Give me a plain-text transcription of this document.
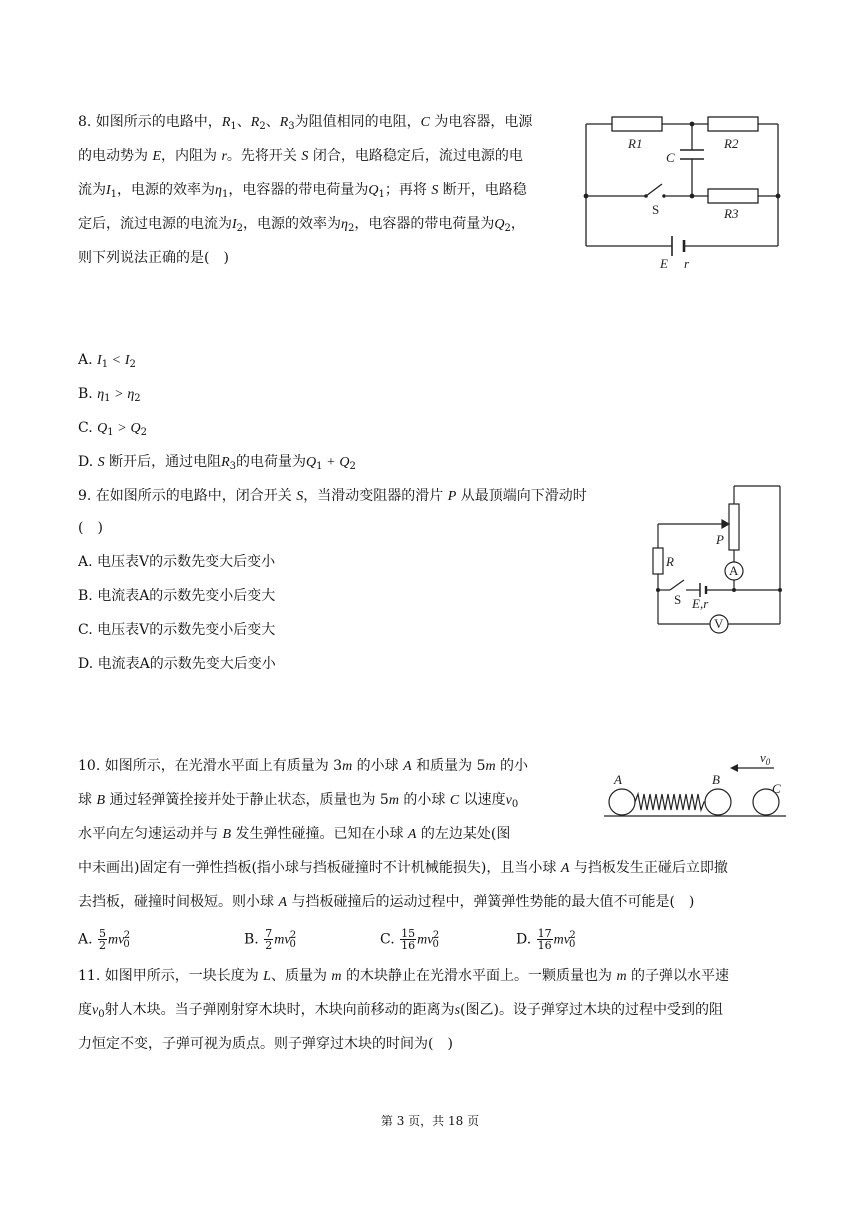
8. 如图所示的电路中，$R_1$、$R_2$、$R_3$为阻值相同的电阻，C 为电容器，电源
的电动势为 E，内阻为 r。先将开关 S 闭合，电路稳定后，流过电源的电
流为$I_1$，电源的效率为$\eta_1$，电容器的带电荷量为$Q_1$；再将 S 断开，电路稳
定后，流过电源的电流为$I_2$，电源的效率为$\eta_2$，电容器的带电荷量为$Q_2$，
则下列说法正确的是(　)
A. $I_1 < I_2$
B. $\eta_1 > \eta_2$
C. $Q_1 > Q_2$
D. S 断开后，通过电阻$R_3$的电荷量为$Q_1 + Q_2$
R1	R2
C
S	R3
E r
9. 在如图所示的电路中，闭合开关 S，当滑动变阻器的滑片 P 从最顶端向下滑动时
(　)
A. 电压表V的示数先变大后变小
B. 电流表A的示数先变小后变大
C. 电压表V的示数先变小后变大
D. 电流表A的示数先变大后变小
R
P
A
S E,r
V
10. 如图所示，在光滑水平面上有质量为 3m 的小球 A 和质量为 5m 的小
球 B 通过轻弹簧拴接并处于静止状态，质量也为 5m 的小球 C 以速度$v_0$
水平向左匀速运动并与 B 发生弹性碰撞。已知在小球 A 的左边某处(图
中未画出)固定有一弹性挡板(指小球与挡板碰撞时不计机械能损失)，且当小球 A 与挡板发生正碰后立即撤
去挡板，碰撞时间极短。则小球 A 与挡板碰撞后的运动过程中，弹簧弹性势能的最大值不可能是(　)
A. $\frac{5}{2} mv_0^2$	B. $\frac{7}{2} mv_0^2$	C. $\frac{15}{16} mv_0^2$	D. $\frac{17}{16} mv_0^2$
A	B
C
$v_0$
11. 如图甲所示，一块长度为 L、质量为 m 的木块静止在光滑水平面上。一颗质量也为 m 的子弹以水平速
度$v_0$射人木块。当子弹刚射穿木块时，木块向前移动的距离为s(图乙)。设子弹穿过木块的过程中受到的阻
力恒定不变，子弹可视为质点。则子弹穿过木块的时间为(　)
第 3 页，共 18 页
